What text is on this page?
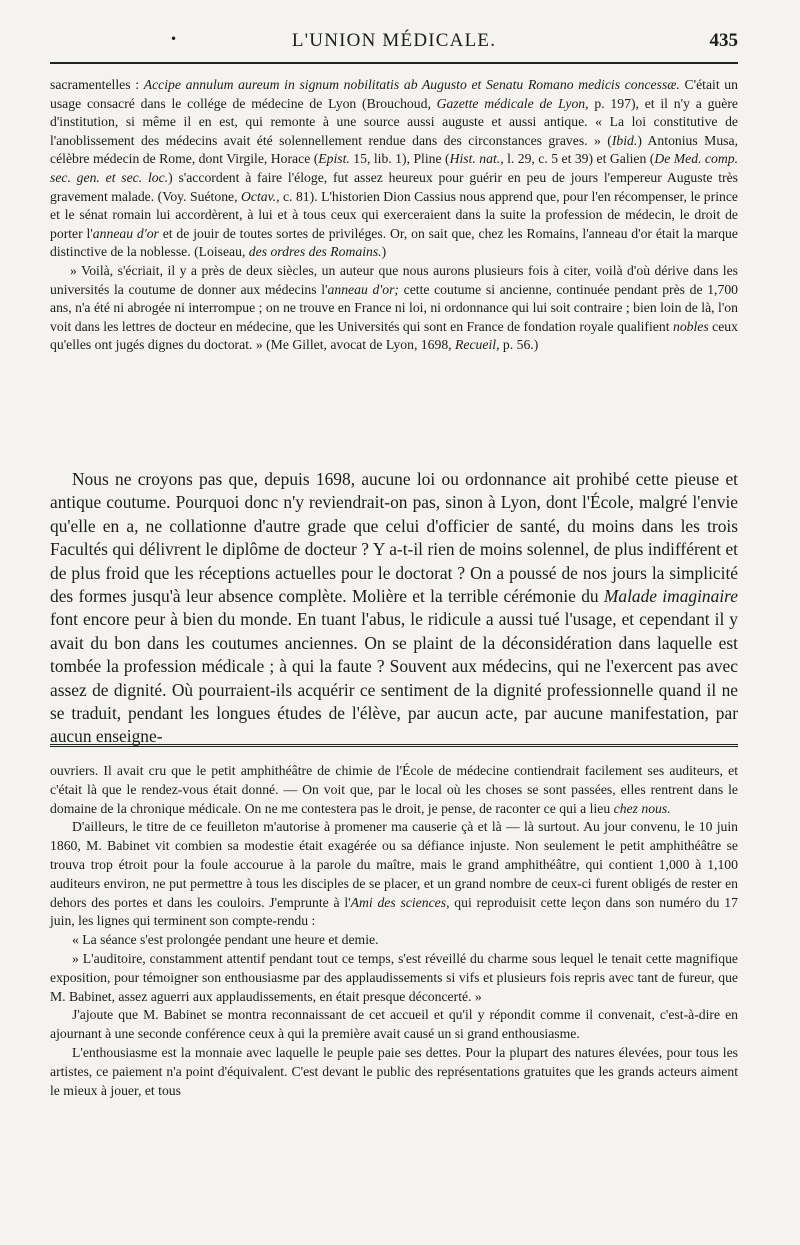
•	L'UNION MÉDICALE.	435

sacramentelles : Accipe annulum aureum in signum nobilitatis ab Augusto et Senatu Romano medicis concessæ. C'était un usage consacré dans le collége de médecine de Lyon (Brouchoud, Gazette médicale de Lyon, p. 197), et il n'y a guère d'institution, si même il en est, qui remonte à une source aussi auguste et aussi antique. « La loi constitutive de l'anoblissement des médecins avait été solennellement rendue dans des circonstances graves. » (Ibid.) Antonius Musa, célèbre médecin de Rome, dont Virgile, Horace (Epist. 15, lib. 1), Pline (Hist. nat., l. 29, c. 5 et 39) et Galien (De Med. comp. sec. gen. et sec. loc.) s'accordent à faire l'éloge, fut assez heureux pour guérir en peu de jours l'empereur Auguste très gravement malade. (Voy. Suétone, Octav., c. 81). L'historien Dion Cassius nous apprend que, pour l'en récompenser, le prince et le sénat romain lui accordèrent, à lui et à tous ceux qui exerceraient dans la suite la profession de médecin, le droit de porter l'anneau d'or et de jouir de toutes sortes de priviléges. Or, on sait que, chez les Romains, l'anneau d'or était la marque distinctive de la noblesse. (Loiseau, des ordres des Romains.)

» Voilà, s'écriait, il y a près de deux siècles, un auteur que nous aurons plusieurs fois à citer, voilà d'où dérive dans les universités la coutume de donner aux médecins l'anneau d'or; cette coutume si ancienne, continuée pendant près de 1,700 ans, n'a été ni abrogée ni interrompue ; on ne trouve en France ni loi, ni ordonnance qui lui soit contraire ; bien loin de là, l'on voit dans les lettres de docteur en médecine, que les Universités qui sont en France de fondation royale qualifient nobles ceux qu'elles ont jugés dignes du doctorat. » (Me Gillet, avocat de Lyon, 1698, Recueil, p. 56.)

Nous ne croyons pas que, depuis 1698, aucune loi ou ordonnance ait prohibé cette pieuse et antique coutume. Pourquoi donc n'y reviendrait-on pas, sinon à Lyon, dont l'École, malgré l'envie qu'elle en a, ne collationne d'autre grade que celui d'officier de santé, du moins dans les trois Facultés qui délivrent le diplôme de docteur ? Y a-t-il rien de moins solennel, de plus indifférent et de plus froid que les réceptions actuelles pour le doctorat ? On a poussé de nos jours la simplicité des formes jusqu'à leur absence complète. Molière et la terrible cérémonie du Malade imaginaire font encore peur à bien du monde. En tuant l'abus, le ridicule a aussi tué l'usage, et cependant il y avait du bon dans les coutumes anciennes. On se plaint de la déconsidération dans laquelle est tombée la profession médicale ; à qui la faute ? Souvent aux médecins, qui ne l'exercent pas avec assez de dignité. Où pourraient-ils acquérir ce sentiment de la dignité professionnelle quand il ne se traduit, pendant les longues études de l'élève, par aucun acte, par aucune manifestation, par aucun enseigne-

ouvriers. Il avait cru que le petit amphithéâtre de chimie de l'École de médecine contiendrait facilement ses auditeurs, et c'était là que le rendez-vous était donné. — On voit que, par le local où les choses se sont passées, elles rentrent dans le domaine de la chronique médicale. On ne me contestera pas le droit, je pense, de raconter ce qui a lieu chez nous.

D'ailleurs, le titre de ce feuilleton m'autorise à promener ma causerie çà et là — là surtout. Au jour convenu, le 10 juin 1860, M. Babinet vit combien sa modestie était exagérée ou sa défiance injuste. Non seulement le petit amphithéâtre se trouva trop étroit pour la foule accourue à la parole du maître, mais le grand amphithéâtre, qui contient 1,000 à 1,100 auditeurs environ, ne put permettre à tous les disciples de se placer, et un grand nombre de ceux-ci furent obligés de rester en dehors des portes et dans les couloirs. J'emprunte à l'Ami des sciences, qui reproduisit cette leçon dans son numéro du 17 juin, les lignes qui terminent son compte-rendu :

« La séance s'est prolongée pendant une heure et demie.

» L'auditoire, constamment attentif pendant tout ce temps, s'est réveillé du charme sous lequel le tenait cette magnifique exposition, pour témoigner son enthousiasme par des applaudissements si vifs et plusieurs fois repris avec tant de fureur, que M. Babinet, assez aguerri aux applaudissements, en était presque déconcerté. »

J'ajoute que M. Babinet se montra reconnaissant de cet accueil et qu'il y répondit comme il convenait, c'est-à-dire en ajournant à une seconde conférence ceux à qui la première avait causé un si grand enthousiasme.

L'enthousiasme est la monnaie avec laquelle le peuple paie ses dettes. Pour la plupart des natures élevées, pour tous les artistes, ce paiement n'a point d'équivalent. C'est devant le public des représentations gratuites que les grands acteurs aiment le mieux à jouer, et tous
